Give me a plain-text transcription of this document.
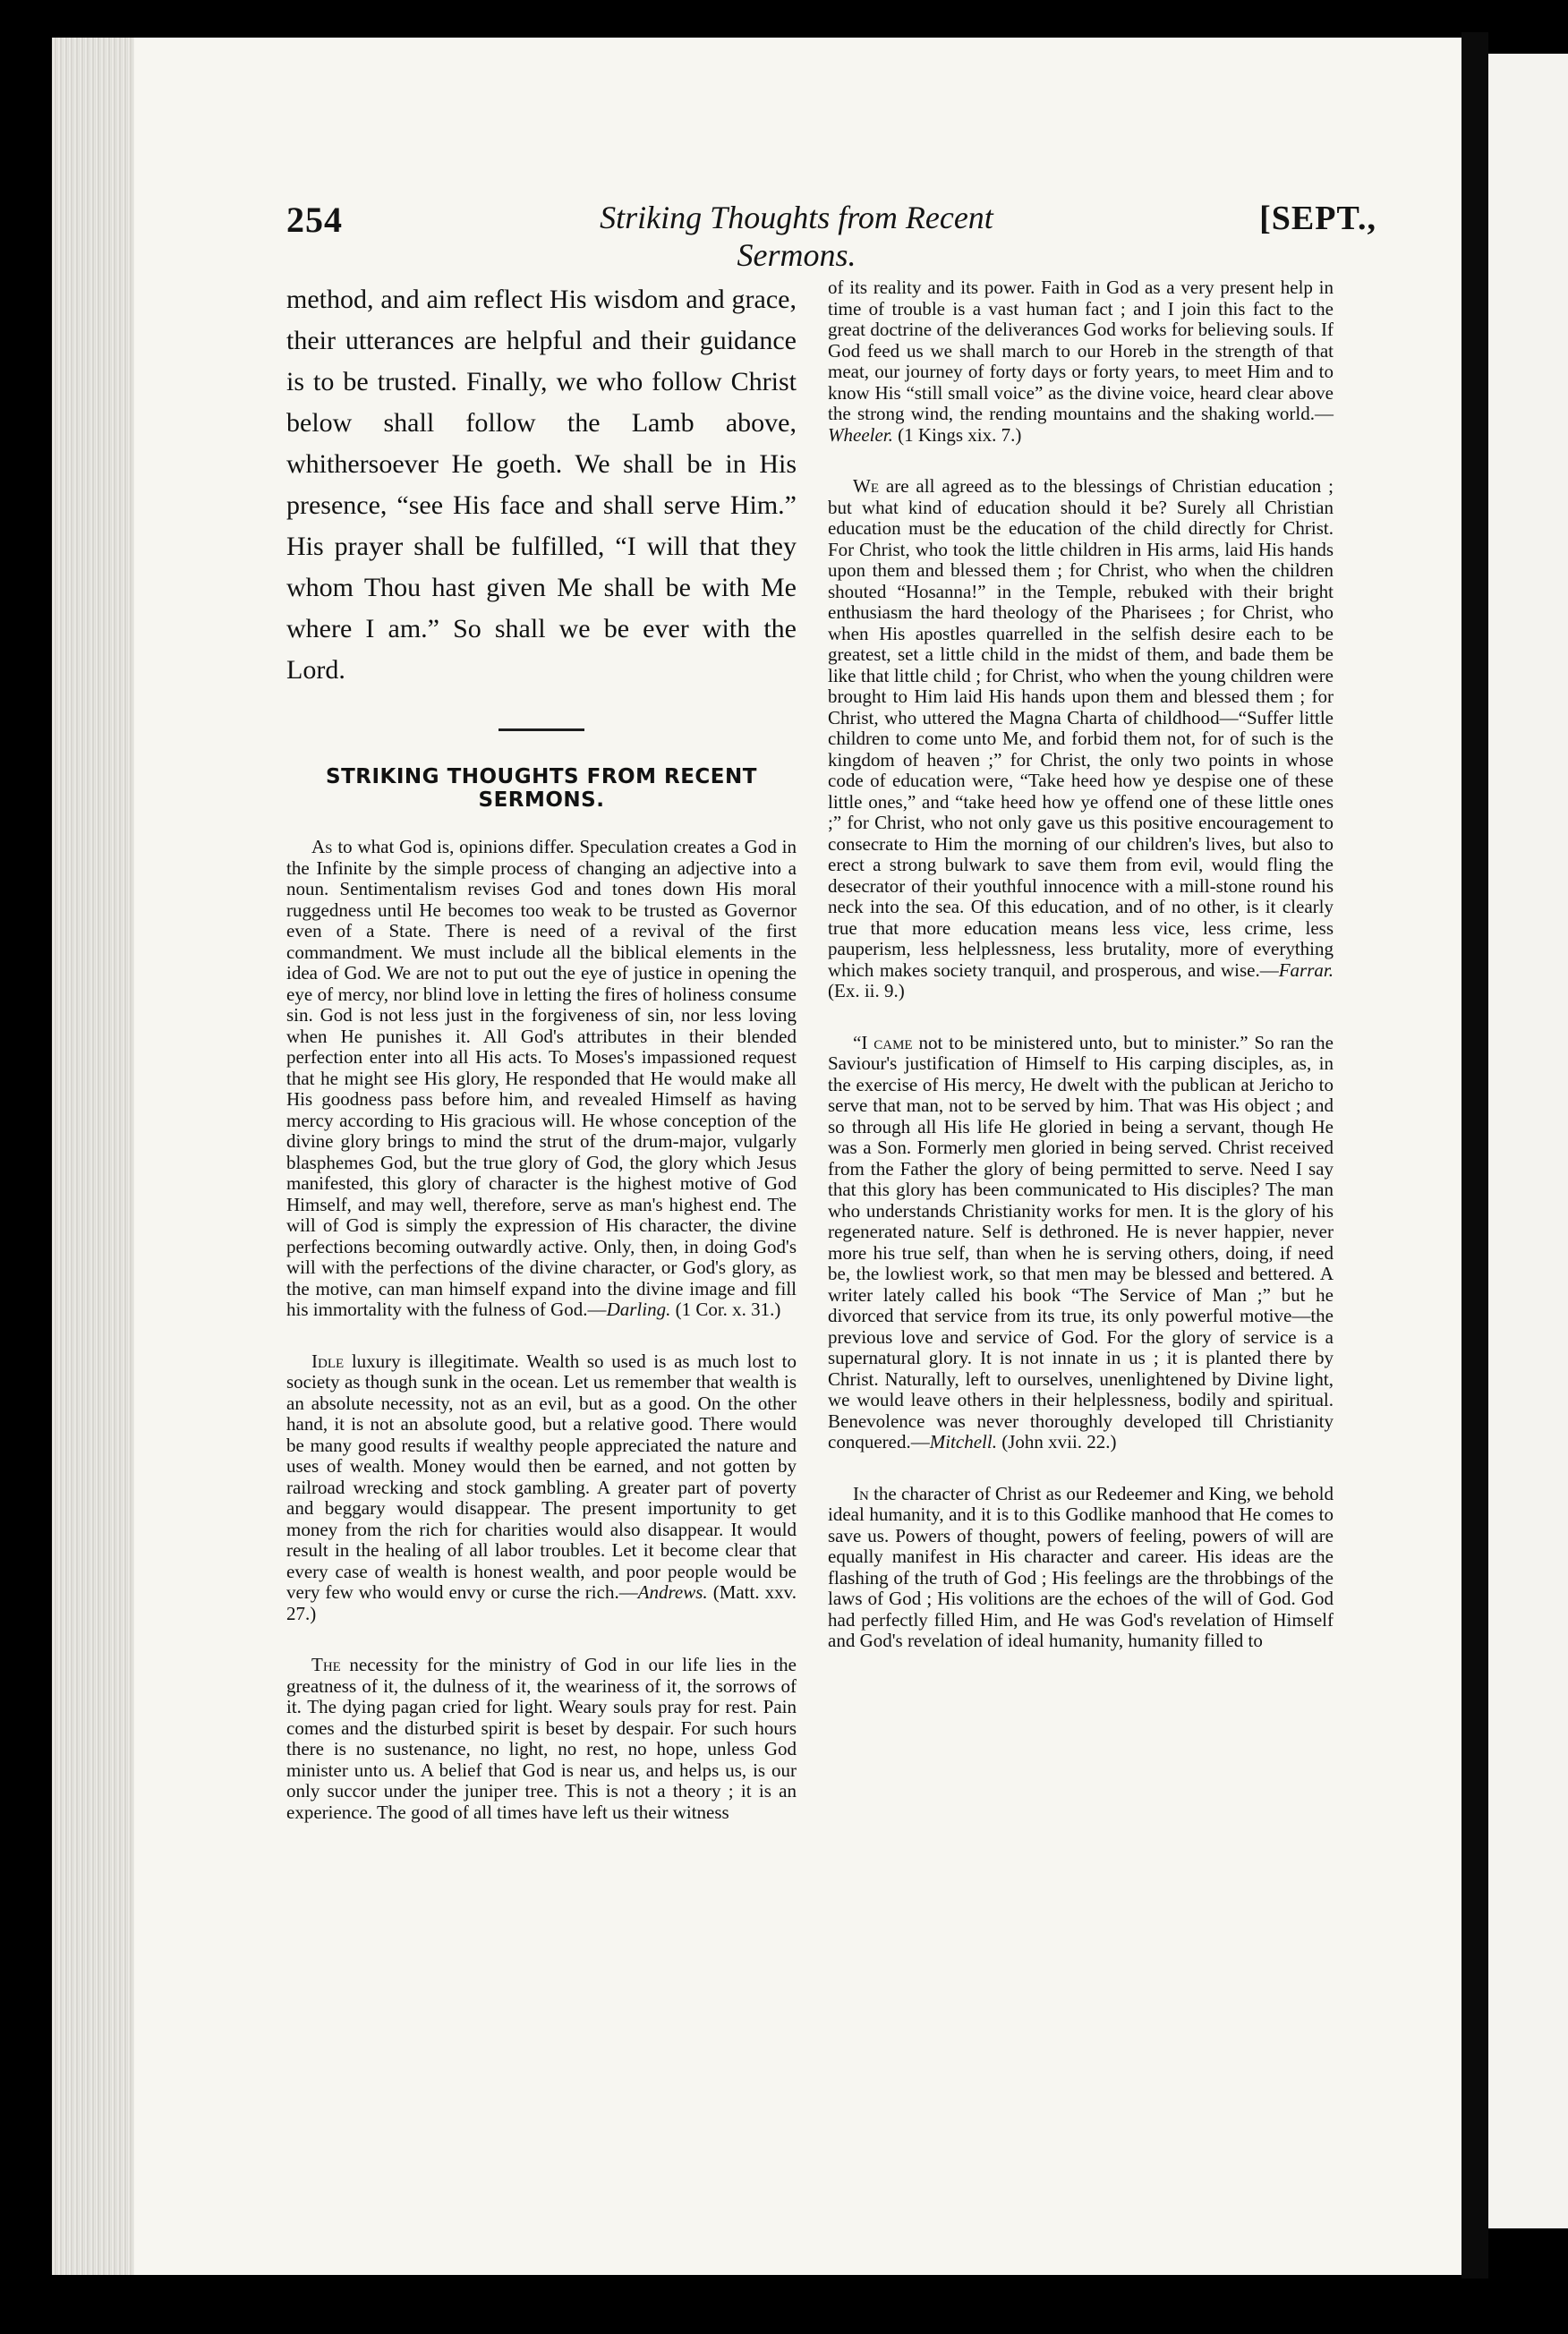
254	Striking Thoughts from Recent Sermons.
[SEPT.,

method, and aim reflect His wisdom and grace, their utterances are helpful and their guidance is to be trusted. Finally, we who follow Christ below shall follow the Lamb above, whithersoever He goeth. We shall be in His presence, “see His face and shall serve Him.” His prayer shall be fulfilled, “I will that they whom Thou hast given Me shall be with Me where I am.” So shall we be ever with the Lord.

STRIKING THOUGHTS FROM RECENT SERMONS.

As to what God is, opinions differ. Speculation creates a God in the Infinite by the simple process of changing an adjective into a noun. Sentimentalism revises God and tones down His moral ruggedness until He becomes too weak to be trusted as Governor even of a State. There is need of a revival of the first commandment. We must include all the biblical elements in the idea of God. We are not to put out the eye of justice in opening the eye of mercy, nor blind love in letting the fires of holiness consume sin. God is not less just in the forgiveness of sin, nor less loving when He punishes it. All God's attributes in their blended perfection enter into all His acts. To Moses's impassioned request that he might see His glory, He responded that He would make all His goodness pass before him, and revealed Himself as having mercy according to His gracious will. He whose conception of the divine glory brings to mind the strut of the drum-major, vulgarly blasphemes God, but the true glory of God, the glory which Jesus manifested, this glory of character is the highest motive of God Himself, and may well, therefore, serve as man's highest end. The will of God is simply the expression of His character, the divine perfections becoming outwardly active. Only, then, in doing God's will with the perfections of the divine character, or God's glory, as the motive, can man himself expand into the divine image and fill his immortality with the fulness of God.—Darling. (1 Cor. x. 31.)

Idle luxury is illegitimate. Wealth so used is as much lost to society as though sunk in the ocean. Let us remember that wealth is an absolute necessity, not as an evil, but as a good. On the other hand, it is not an absolute good, but a relative good. There would be many good results if wealthy people appreciated the nature and uses of wealth. Money would then be earned, and not gotten by railroad wrecking and stock gambling. A greater part of poverty and beggary would disappear. The present importunity to get money from the rich for charities would also disappear. It would result in the healing of all labor troubles. Let it become clear that every case of wealth is honest wealth, and poor people would be very few who would envy or curse the rich.—Andrews. (Matt. xxv. 27.)

The necessity for the ministry of God in our life lies in the greatness of it, the dulness of it, the weariness of it, the sorrows of it. The dying pagan cried for light. Weary souls pray for rest. Pain comes and the disturbed spirit is beset by despair. For such hours there is no sustenance, no light, no rest, no hope, unless God minister unto us. A belief that God is near us, and helps us, is our only succor under the juniper tree. This is not a theory ; it is an experience. The good of all times have left us their witness

of its reality and its power. Faith in God as a very present help in time of trouble is a vast human fact ; and I join this fact to the great doctrine of the deliverances God works for believing souls. If God feed us we shall march to our Horeb in the strength of that meat, our journey of forty days or forty years, to meet Him and to know His “still small voice” as the divine voice, heard clear above the strong wind, the rending mountains and the shaking world.—Wheeler. (1 Kings xix. 7.)

We are all agreed as to the blessings of Christian education ; but what kind of education should it be? Surely all Christian education must be the education of the child directly for Christ. For Christ, who took the little children in His arms, laid His hands upon them and blessed them ; for Christ, who when the children shouted “Hosanna!” in the Temple, rebuked with their bright enthusiasm the hard theology of the Pharisees ; for Christ, who when His apostles quarrelled in the selfish desire each to be greatest, set a little child in the midst of them, and bade them be like that little child ; for Christ, who when the young children were brought to Him laid His hands upon them and blessed them ; for Christ, who uttered the Magna Charta of childhood—“Suffer little children to come unto Me, and forbid them not, for of such is the kingdom of heaven ;” for Christ, the only two points in whose code of education were, “Take heed how ye despise one of these little ones,” and “take heed how ye offend one of these little ones ;” for Christ, who not only gave us this positive encouragement to consecrate to Him the morning of our children's lives, but also to erect a strong bulwark to save them from evil, would fling the desecrator of their youthful innocence with a mill-stone round his neck into the sea. Of this education, and of no other, is it clearly true that more education means less vice, less crime, less pauperism, less helplessness, less brutality, more of everything which makes society tranquil, and prosperous, and wise.—Farrar. (Ex. ii. 9.)

“I came not to be ministered unto, but to minister.” So ran the Saviour's justification of Himself to His carping disciples, as, in the exercise of His mercy, He dwelt with the publican at Jericho to serve that man, not to be served by him. That was His object ; and so through all His life He gloried in being a servant, though He was a Son. Formerly men gloried in being served. Christ received from the Father the glory of being permitted to serve. Need I say that this glory has been communicated to His disciples? The man who understands Christianity works for men. It is the glory of his regenerated nature. Self is dethroned. He is never happier, never more his true self, than when he is serving others, doing, if need be, the lowliest work, so that men may be blessed and bettered. A writer lately called his book “The Service of Man ;” but he divorced that service from its true, its only powerful motive—the previous love and service of God. For the glory of service is a supernatural glory. It is not innate in us ; it is planted there by Christ. Naturally, left to ourselves, unenlightened by Divine light, we would leave others in their helplessness, bodily and spiritual. Benevolence was never thoroughly developed till Christianity conquered.—Mitchell. (John xvii. 22.)

In the character of Christ as our Redeemer and King, we behold ideal humanity, and it is to this Godlike manhood that He comes to save us. Powers of thought, powers of feeling, powers of will are equally manifest in His character and career. His ideas are the flashing of the truth of God ; His feelings are the throbbings of the laws of God ; His volitions are the echoes of the will of God. God had perfectly filled Him, and He was God's revelation of Himself and God's revelation of ideal humanity, humanity filled to
